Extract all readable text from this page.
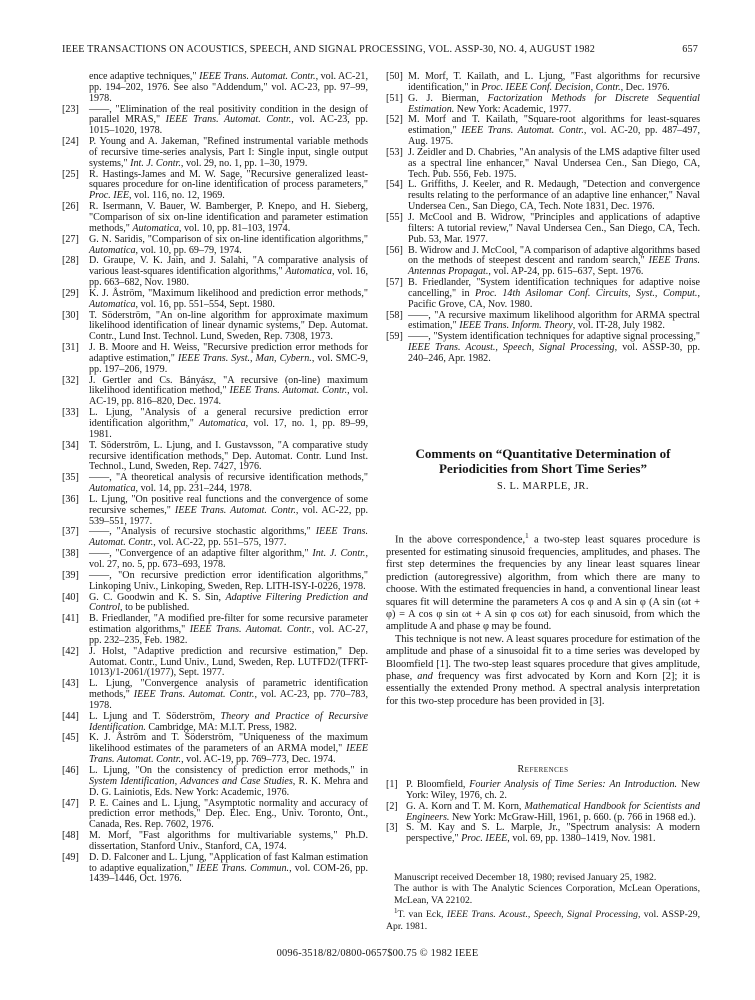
IEEE TRANSACTIONS ON ACOUSTICS, SPEECH, AND SIGNAL PROCESSING, VOL. ASSP-30, NO. 4, AUGUST 1982	657
ence adaptive techniques," IEEE Trans. Automat. Contr., vol. AC-21, pp. 194–202, 1976. See also "Addendum," vol. AC-23, pp. 97–99, 1978.
[23]	——, "Elimination of the real positivity condition in the design of parallel MRAS," IEEE Trans. Automat. Contr., vol. AC-23, pp. 1015–1020, 1978.
[24]	P. Young and A. Jakeman, "Refined instrumental variable methods of recursive time-series analysis, Part I: Single input, single output systems," Int. J. Contr., vol. 29, no. 1, pp. 1–30, 1979.
[25]	R. Hastings-James and M. W. Sage, "Recursive generalized least-squares procedure for on-line identification of process parameters," Proc. IEE, vol. 116, no. 12, 1969.
[26]	R. Isermann, V. Bauer, W. Bamberger, P. Knepo, and H. Sieberg, "Comparison of six on-line identification and parameter estimation methods," Automatica, vol. 10, pp. 81–103, 1974.
[27]	G. N. Saridis, "Comparison of six on-line identification algorithms," Automatica, vol. 10, pp. 69–79, 1974.
[28]	D. Graupe, V. K. Jain, and J. Salahi, "A comparative analysis of various least-squares identification algorithms," Automatica, vol. 16, pp. 663–682, Nov. 1980.
[29]	K. J. Åström, "Maximum likelihood and prediction error methods," Automatica, vol. 16, pp. 551–554, Sept. 1980.
[30]	T. Söderström, "An on-line algorithm for approximate maximum likelihood identification of linear dynamic systems," Dep. Automat. Contr., Lund Inst. Technol. Lund, Sweden, Rep. 7308, 1973.
[31]	J. B. Moore and H. Weiss, "Recursive prediction error methods for adaptive estimation," IEEE Trans. Syst., Man, Cybern., vol. SMC-9, pp. 197–206, 1979.
[32]	J. Gertler and Cs. Bányász, "A recursive (on-line) maximum likelihood identification method," IEEE Trans. Automat. Contr., vol. AC-19, pp. 816–820, Dec. 1974.
[33]	L. Ljung, "Analysis of a general recursive prediction error identification algorithm," Automatica, vol. 17, no. 1, pp. 89–99, 1981.
[34]	T. Söderström, L. Ljung, and I. Gustavsson, "A comparative study recursive identification methods," Dep. Automat. Contr. Lund Inst. Technol., Lund, Sweden, Rep. 7427, 1976.
[35]	——, "A theoretical analysis of recursive identification methods," Automatica, vol. 14, pp. 231–244, 1978.
[36]	L. Ljung, "On positive real functions and the convergence of some recursive schemes," IEEE Trans. Automat. Contr., vol. AC-22, pp. 539–551, 1977.
[37]	——, "Analysis of recursive stochastic algorithms," IEEE Trans. Automat. Contr., vol. AC-22, pp. 551–575, 1977.
[38]	——, "Convergence of an adaptive filter algorithm," Int. J. Contr., vol. 27, no. 5, pp. 673–693, 1978.
[39]	——, "On recursive prediction error identification algorithms," Linkoping Univ., Linkoping, Sweden, Rep. LITH-ISY-I-0226, 1978.
[40]	G. C. Goodwin and K. S. Sin, Adaptive Filtering Prediction and Control, to be published.
[41]	B. Friedlander, "A modified pre-filter for some recursive parameter estimation algorithms," IEEE Trans. Automat. Contr., vol. AC-27, pp. 232–235, Feb. 1982.
[42]	J. Holst, "Adaptive prediction and recursive estimation," Dep. Automat. Contr., Lund Univ., Lund, Sweden, Rep. LUTFD2/(TFRT-1013)/1-2061/(1977), Sept. 1977.
[43]	L. Ljung, "Convergence analysis of parametric identification methods," IEEE Trans. Automat. Contr., vol. AC-23, pp. 770–783, 1978.
[44]	L. Ljung and T. Söderström, Theory and Practice of Recursive Identification. Cambridge, MA: M.I.T. Press, 1982.
[45]	K. J. Åström and T. Söderström, "Uniqueness of the maximum likelihood estimates of the parameters of an ARMA model," IEEE Trans. Automat. Contr., vol. AC-19, pp. 769–773, Dec. 1974.
[46]	L. Ljung, "On the consistency of prediction error methods," in System Identification, Advances and Case Studies, R. K. Mehra and D. G. Lainiotis, Eds. New York: Academic, 1976.
[47]	P. E. Caines and L. Ljung, "Asymptotic normality and accuracy of prediction error methods," Dep. Elec. Eng., Univ. Toronto, Ont., Canada, Res. Rep. 7602, 1976.
[48]	M. Morf, "Fast algorithms for multivariable systems," Ph.D. dissertation, Stanford Univ., Stanford, CA, 1974.
[49]	D. D. Falconer and L. Ljung, "Application of fast Kalman estimation to adaptive equalization," IEEE Trans. Commun., vol. COM-26, pp. 1439–1446, Oct. 1976.
[50] M. Morf, T. Kailath, and L. Ljung, "Fast algorithms for recursive identification," in Proc. IEEE Conf. Decision, Contr., Dec. 1976.
[51] G. J. Bierman, Factorization Methods for Discrete Sequential Estimation. New York: Academic, 1977.
[52] M. Morf and T. Kailath, "Square-root algorithms for least-squares estimation," IEEE Trans. Automat. Contr., vol. AC-20, pp. 487–497, Aug. 1975.
[53] J. Zeidler and D. Chabries, "An analysis of the LMS adaptive filter used as a spectral line enhancer," Naval Undersea Cen., San Diego, CA, Tech. Pub. 556, Feb. 1975.
[54] L. Griffiths, J. Keeler, and R. Medaugh, "Detection and convergence results relating to the performance of an adaptive line enhancer," Naval Undersea Cen., San Diego, CA, Tech. Note 1831, Dec. 1976.
[55] J. McCool and B. Widrow, "Principles and applications of adaptive filters: A tutorial review," Naval Undersea Cen., San Diego, CA, Tech. Pub. 53, Mar. 1977.
[56] B. Widrow and J. McCool, "A comparison of adaptive algorithms based on the methods of steepest descent and random search," IEEE Trans. Antennas Propagat., vol. AP-24, pp. 615–637, Sept. 1976.
[57] B. Friedlander, "System identification techniques for adaptive noise cancelling," in Proc. 14th Asilomar Conf. Circuits, Syst., Comput., Pacific Grove, CA, Nov. 1980.
[58] ——, "A recursive maximum likelihood algorithm for ARMA spectral estimation," IEEE Trans. Inform. Theory, vol. IT-28, July 1982.
[59] ——, "System identification techniques for adaptive signal processing," IEEE Trans. Acoust., Speech, Signal Processing, vol. ASSP-30, pp. 240–246, Apr. 1982.
Comments on “Quantitative Determination of Periodicities from Short Time Series”
S. L. MARPLE, JR.

In the above correspondence,$^1$ a two-step least squares procedure is presented for estimating sinusoid frequencies, amplitudes, and phases. The first step determines the frequencies by any linear least squares linear prediction (autoregressive) algorithm, from which there are many to choose. With the estimated frequencies in hand, a conventional linear least squares fit will determine the parameters A cos φ and A sin φ (A sin (ωt + φ) = A cos φ sin ωt + A sin φ cos ωt) for each sinusoid, from which the amplitude A and phase φ may be found.

This technique is not new. A least squares procedure for estimation of the amplitude and phase of a sinusoidal fit to a time series was developed by Bloomfield [1]. The two-step least squares procedure that gives amplitude, phase, and frequency was first advocated by Korn and Korn [2]; it is essentially the extended Prony method. A spectral analysis interpretation for this two-step procedure has been provided in [3].

References
[1] P. Bloomfield, Fourier Analysis of Time Series: An Introduction. New York: Wiley, 1976, ch. 2.
[2] G. A. Korn and T. M. Korn, Mathematical Handbook for Scientists and Engineers. New York: McGraw-Hill, 1961, p. 660. (p. 766 in 1968 ed.).
[3] S. M. Kay and S. L. Marple, Jr., "Spectrum analysis: A modern perspective," Proc. IEEE, vol. 69, pp. 1380–1419, Nov. 1981.

Manuscript received December 18, 1980; revised January 25, 1982.

The author is with The Analytic Sciences Corporation, McLean Operations, McLean, VA 22102.

$^1$T. van Eck, IEEE Trans. Acoust., Speech, Signal Processing, vol. ASSP-29, Apr. 1981.

0096-3518/82/0800-0657$00.75 © 1982 IEEE
